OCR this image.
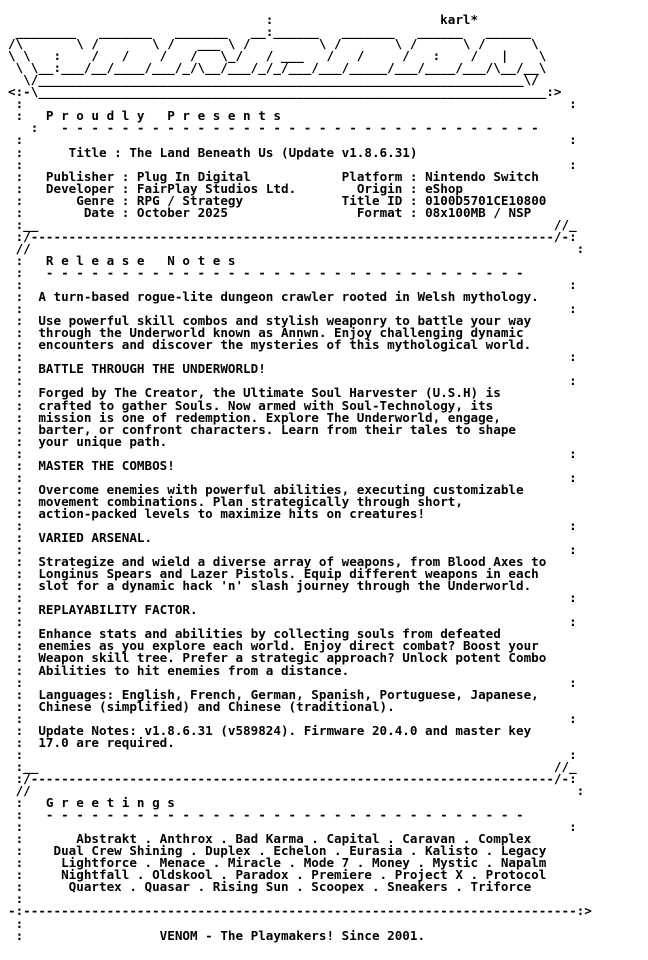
:                      karl*
________   _______   _______   __:______   _______   ______   ______
/\       \ /       \ /   ___ \ /         \ /       \ /      \ /      \
\ \   :    /   /    /   /   \_/   / ___   /   /     /   :    /   |    \
\ \__:___/__/____/___/_/\__/___/_/_/___/___/_____/___/____/___/\__/__\
\/________________________________________________________________\/
<:-\___________________________________________________________________:>
:                                                                        :
:   P r o u d l y   P r e s e n t s
:   - - - - - - - - - - - - - - - - - - - - - - - - - - - - - - - -
:                                                                        :
:      Title : The Land Beneath Us (Update v1.8.6.31)
:                                                                        :
:   Publisher : Plug In Digital	Platform : Nintendo Switch
:   Developer : FairPlay Studios Ltd.	Origin : eShop
:       Genre : RPG / Strategy	Title ID : 0100D5701CE10800
:        Date : October 2025	Format : 08x100MB / NSP
:__                                                                    //_
:/---------------------------------------------------------------------/-:
//                                                                        :
:   R e l e a s e   N o t e s
:   - - - - - - - - - - - - - - - - - - - - - - - - - - - - - - - -
:                                                                        :
:  A turn-based rogue-lite dungeon crawler rooted in Welsh mythology.
:                                                                        :
:  Use powerful skill combos and stylish weaponry to battle your way
:  through the Underworld known as Annwn. Enjoy challenging dynamic
:  encounters and discover the mysteries of this mythological world.
:                                                                        :
:  BATTLE THROUGH THE UNDERWORLD!
:                                                                        :
:  Forged by The Creator, the Ultimate Soul Harvester (U.S.H) is
:  crafted to gather Souls. Now armed with Soul-Technology, its
:  mission is one of redemption. Explore The Underworld, engage,
:  barter, or confront characters. Learn from their tales to shape
:  your unique path.
:                                                                        :
:  MASTER THE COMBOS!
:                                                                        :
:  Overcome enemies with powerful abilities, executing customizable
:  movement combinations. Plan strategically through short,
:  action-packed levels to maximize hits on creatures!
:                                                                        :
:  VARIED ARSENAL.
:                                                                        :
:  Strategize and wield a diverse array of weapons, from Blood Axes to
:  Longinus Spears and Lazer Pistols. Equip different weapons in each
:  slot for a dynamic hack 'n' slash journey through the Underworld.
:                                                                        :
:  REPLAYABILITY FACTOR.
:                                                                        :
:  Enhance stats and abilities by collecting souls from defeated
:  enemies as you explore each world. Enjoy direct combat? Boost your
:  Weapon skill tree. Prefer a strategic approach? Unlock potent Combo
:  Abilities to hit enemies from a distance.
:                                                                        :
:  Languages: English, French, German, Spanish, Portuguese, Japanese,
:  Chinese (simplified) and Chinese (traditional).
:                                                                        :
:  Update Notes: v1.8.6.31 (v589824). Firmware 20.4.0 and master key
:  17.0 are required.
:                                                                        :
:__                                                                    //_
:/---------------------------------------------------------------------/-:
//                                                                        :
:   G r e e t i n g s
:   - - - - - - - - - - - - - - - - - - - - - - - - - - - - - - - -
:                                                                        :
:       Abstrakt . Anthrox . Bad Karma . Capital . Caravan . Complex
:    Dual Crew Shining . Duplex . Echelon . Eurasia . Kalisto . Legacy
:     Lightforce . Menace . Miracle . Mode 7 . Money . Mystic . Napalm
:     Nightfall . Oldskool . Paradox . Premiere . Project X . Protocol
:      Quartex . Quasar . Rising Sun . Scoopex . Sneakers . Triforce
:
-:-------------------------------------------------------------------------:>
:
:                  VENOM - The Playmakers! Since 2001.
